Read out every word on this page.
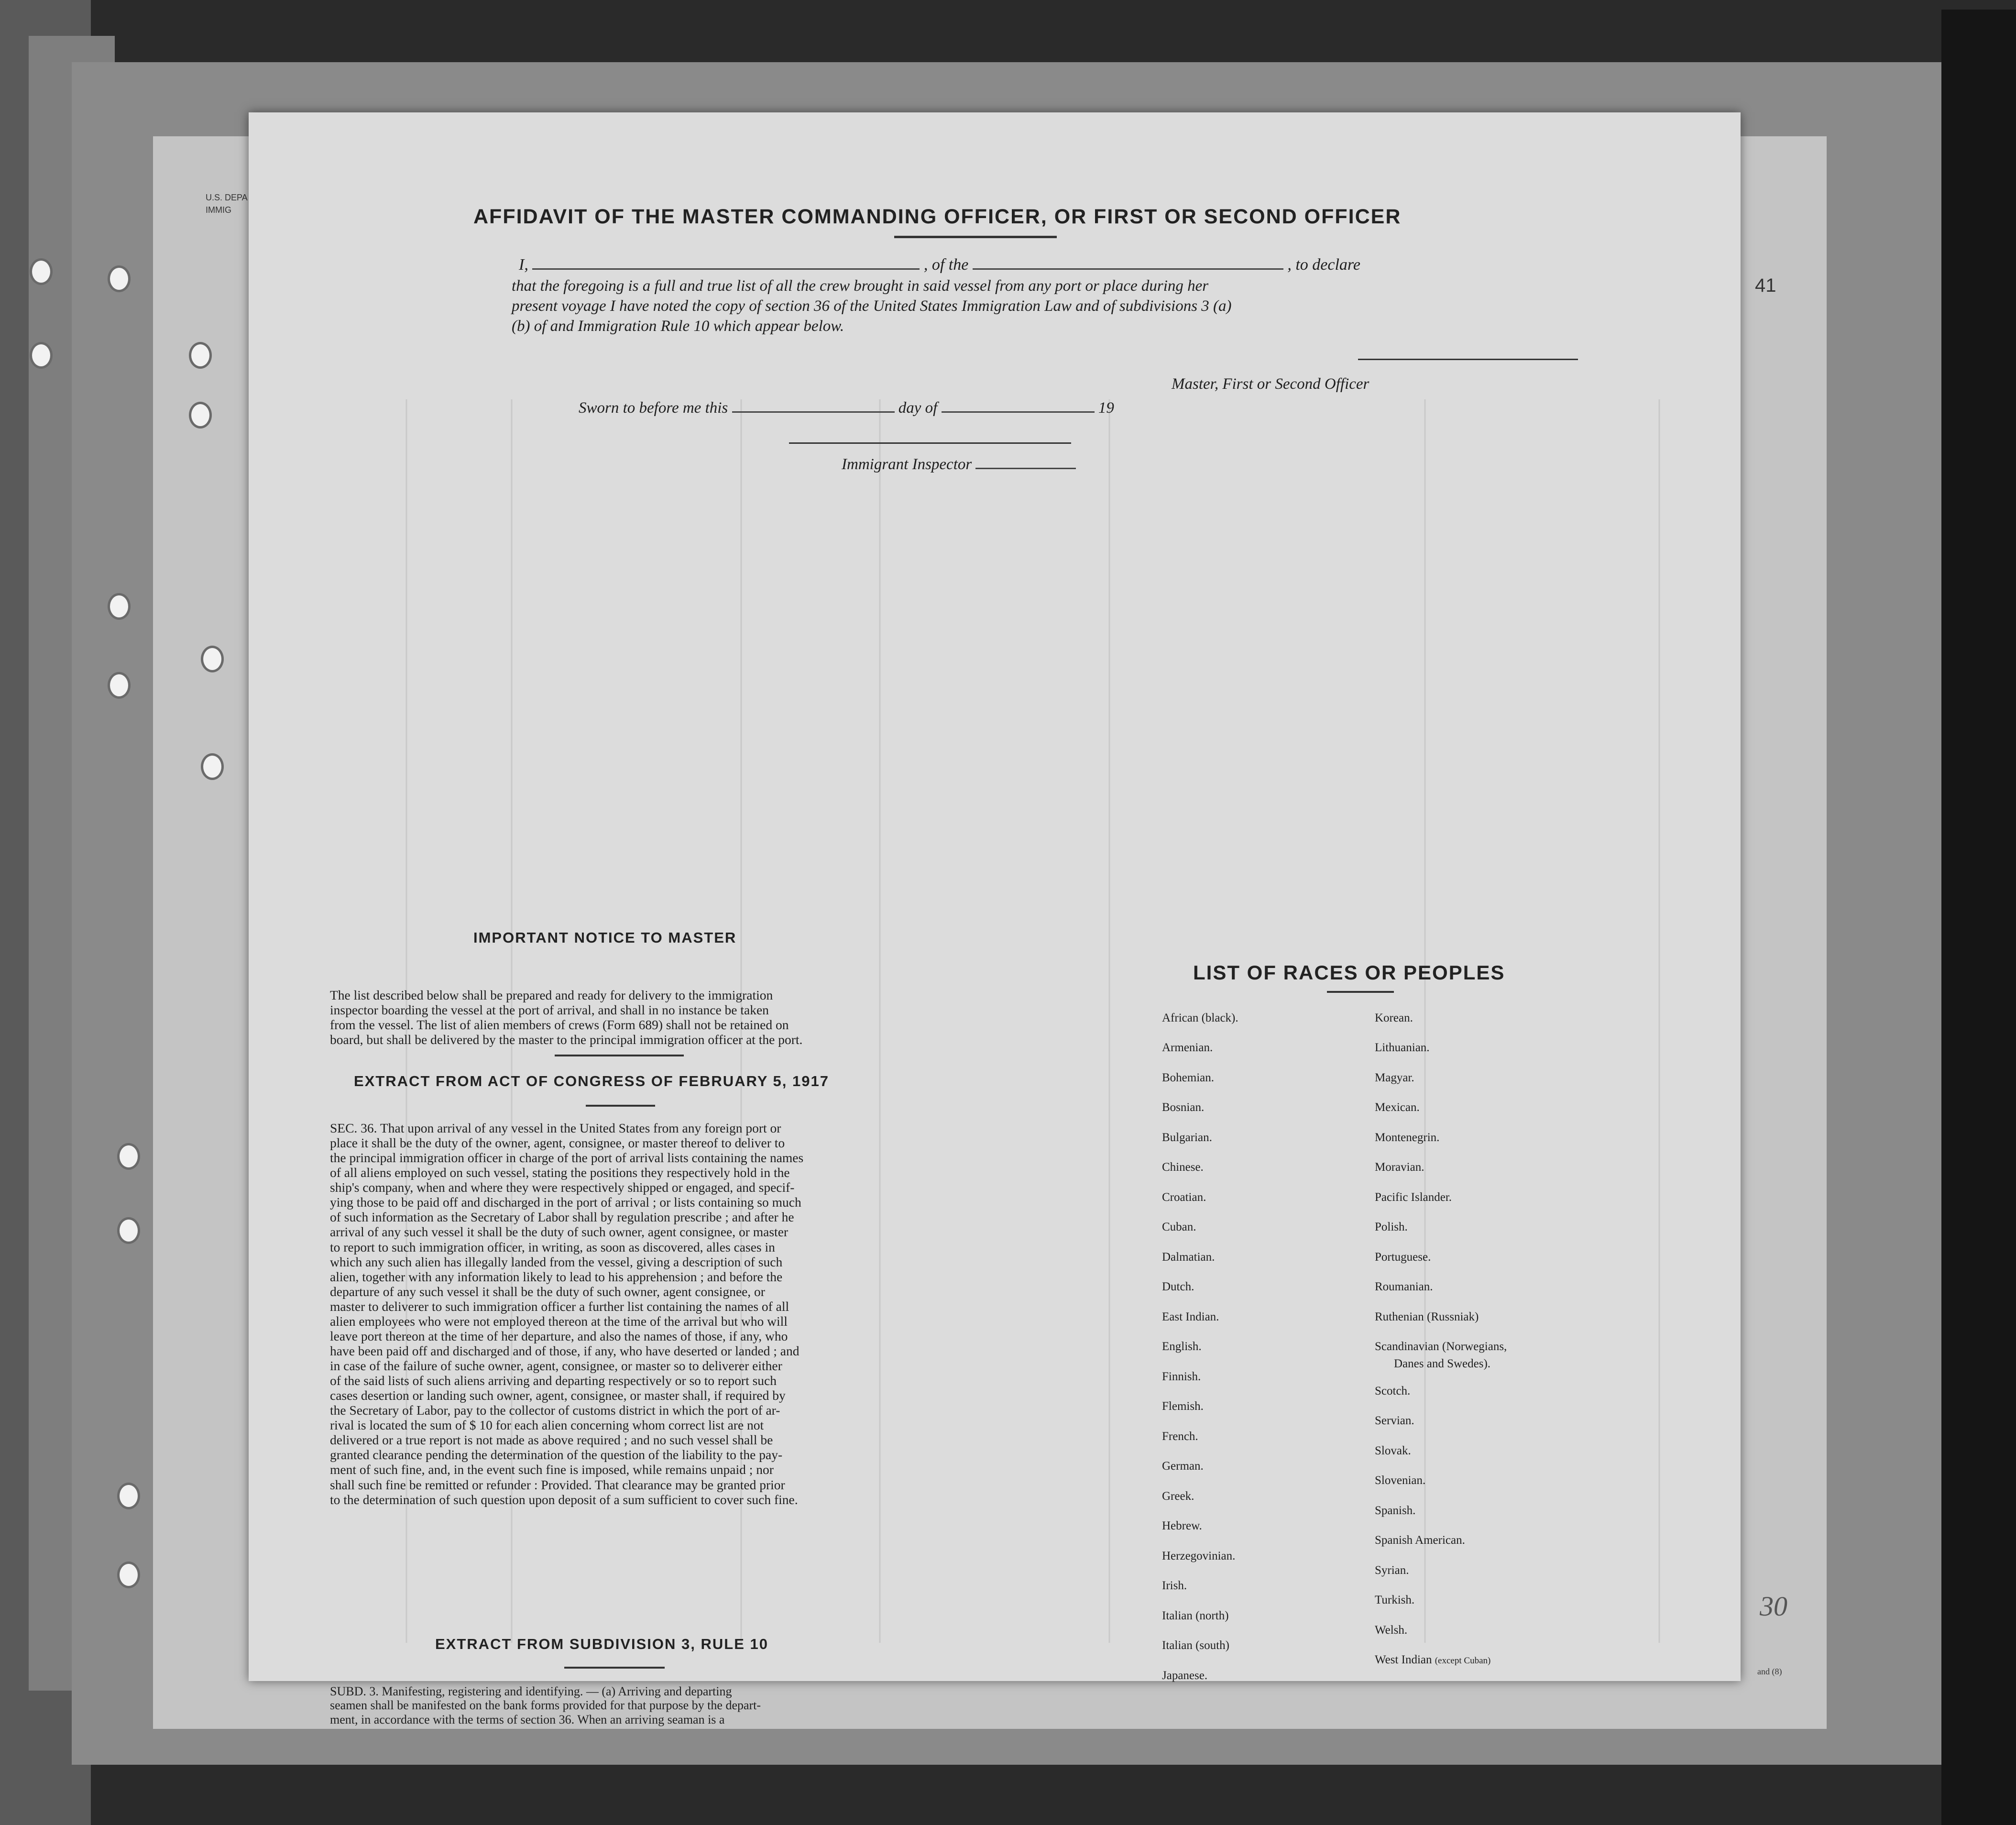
U.S. DEPA
IMMIG
41
30
and (8)
AFFIDAVIT OF THE MASTER COMMANDING OFFICER, OR FIRST OR SECOND OFFICER
I,	, of the	, to declare
that the foregoing is a full and true list of all the crew brought in said vessel from any port or place during her
present voyage I have noted the copy of section 36 of the United States Immigration Law and of subdivisions 3 (a)
(b) of and Immigration Rule 10 which appear below.
Master, First or Second Officer
Sworn to before me this	day of	19
Immigrant Inspector
IMPORTANT NOTICE TO MASTER
The list described below shall be prepared and ready for delivery to the immigration
inspector boarding the vessel at the port of arrival, and shall in no instance be taken
from the vessel. The list of alien members of crews (Form 689) shall not be retained on
board, but shall be delivered by the master to the principal immigration officer at the port.
EXTRACT FROM ACT OF CONGRESS OF FEBRUARY 5, 1917
SEC. 36. That upon arrival of any vessel in the United States from any foreign port or
place it shall be the duty of the owner, agent, consignee, or master thereof to deliver to
the principal immigration officer in charge of the port of arrival lists containing the names
of all aliens employed on such vessel, stating the positions they respectively hold in the
ship's company, when and where they were respectively shipped or engaged, and specif-
ying those to be paid off and discharged in the port of arrival ; or lists containing so much
of such information as the Secretary of Labor shall by regulation prescribe ; and after he
arrival of any such vessel it shall be the duty of such owner, agent consignee, or master
to report to such immigration officer, in writing, as soon as discovered, alles cases in
which any such alien has illegally landed from the vessel, giving a description of such
alien, together with any information likely to lead to his apprehension ; and before the
departure of any such vessel it shall be the duty of such owner, agent consignee, or
master to deliverer to such immigration officer a further list containing the names of all
alien employees who were not employed thereon at the time of the arrival but who will
leave port thereon at the time of her departure, and also the names of those, if any, who
have been paid off and discharged and of those, if any, who have deserted or landed ; and
in case of the failure of suche owner, agent, consignee, or master so to deliverer either
of the said lists of such aliens arriving and departing respectively or so to report such
cases desertion or landing such owner, agent, consignee, or master shall, if required by
the Secretary of Labor, pay to the collector of customs district in which the port of ar-
rival is located the sum of $ 10 for each alien concerning whom correct list are not
delivered or a true report is not made as above required ; and no such vessel shall be
granted clearance pending the determination of the question of the liability to the pay-
ment of such fine, and, in the event such fine is imposed, while remains unpaid ; nor
shall such fine be remitted or refunder : Provided. That clearance may be granted prior
to the determination of such question upon deposit of a sum sufficient to cover such fine.
EXTRACT FROM SUBDIVISION 3, RULE 10
SUBD. 3. Manifesting, registering and identifying. — (a) Arriving and departing
seamen shall be manifested on the bank forms provided for that purpose by the depart-
ment, in accordance with the terms of section 36. When an arriving seaman is a
LIST OF RACES OR PEOPLES
African (black).
Armenian.
Bohemian.
Bosnian.
Bulgarian.
Chinese.
Croatian.
Cuban.
Dalmatian.
Dutch.
East Indian.
English.
Finnish.
Flemish.
French.
German.
Greek.
Hebrew.
Herzegovinian.
Irish.
Italian (north)
Italian (south)
Japanese.
Korean.
Lithuanian.
Magyar.
Mexican.
Montenegrin.
Moravian.
Pacific Islander.
Polish.
Portuguese.
Roumanian.
Ruthenian (Russniak)
Scandinavian (Norwegians,
Danes and Swedes).
Scotch.
Servian.
Slovak.
Slovenian.
Spanish.
Spanish American.
Syrian.
Turkish.
Welsh.
West Indian (except Cuban)
